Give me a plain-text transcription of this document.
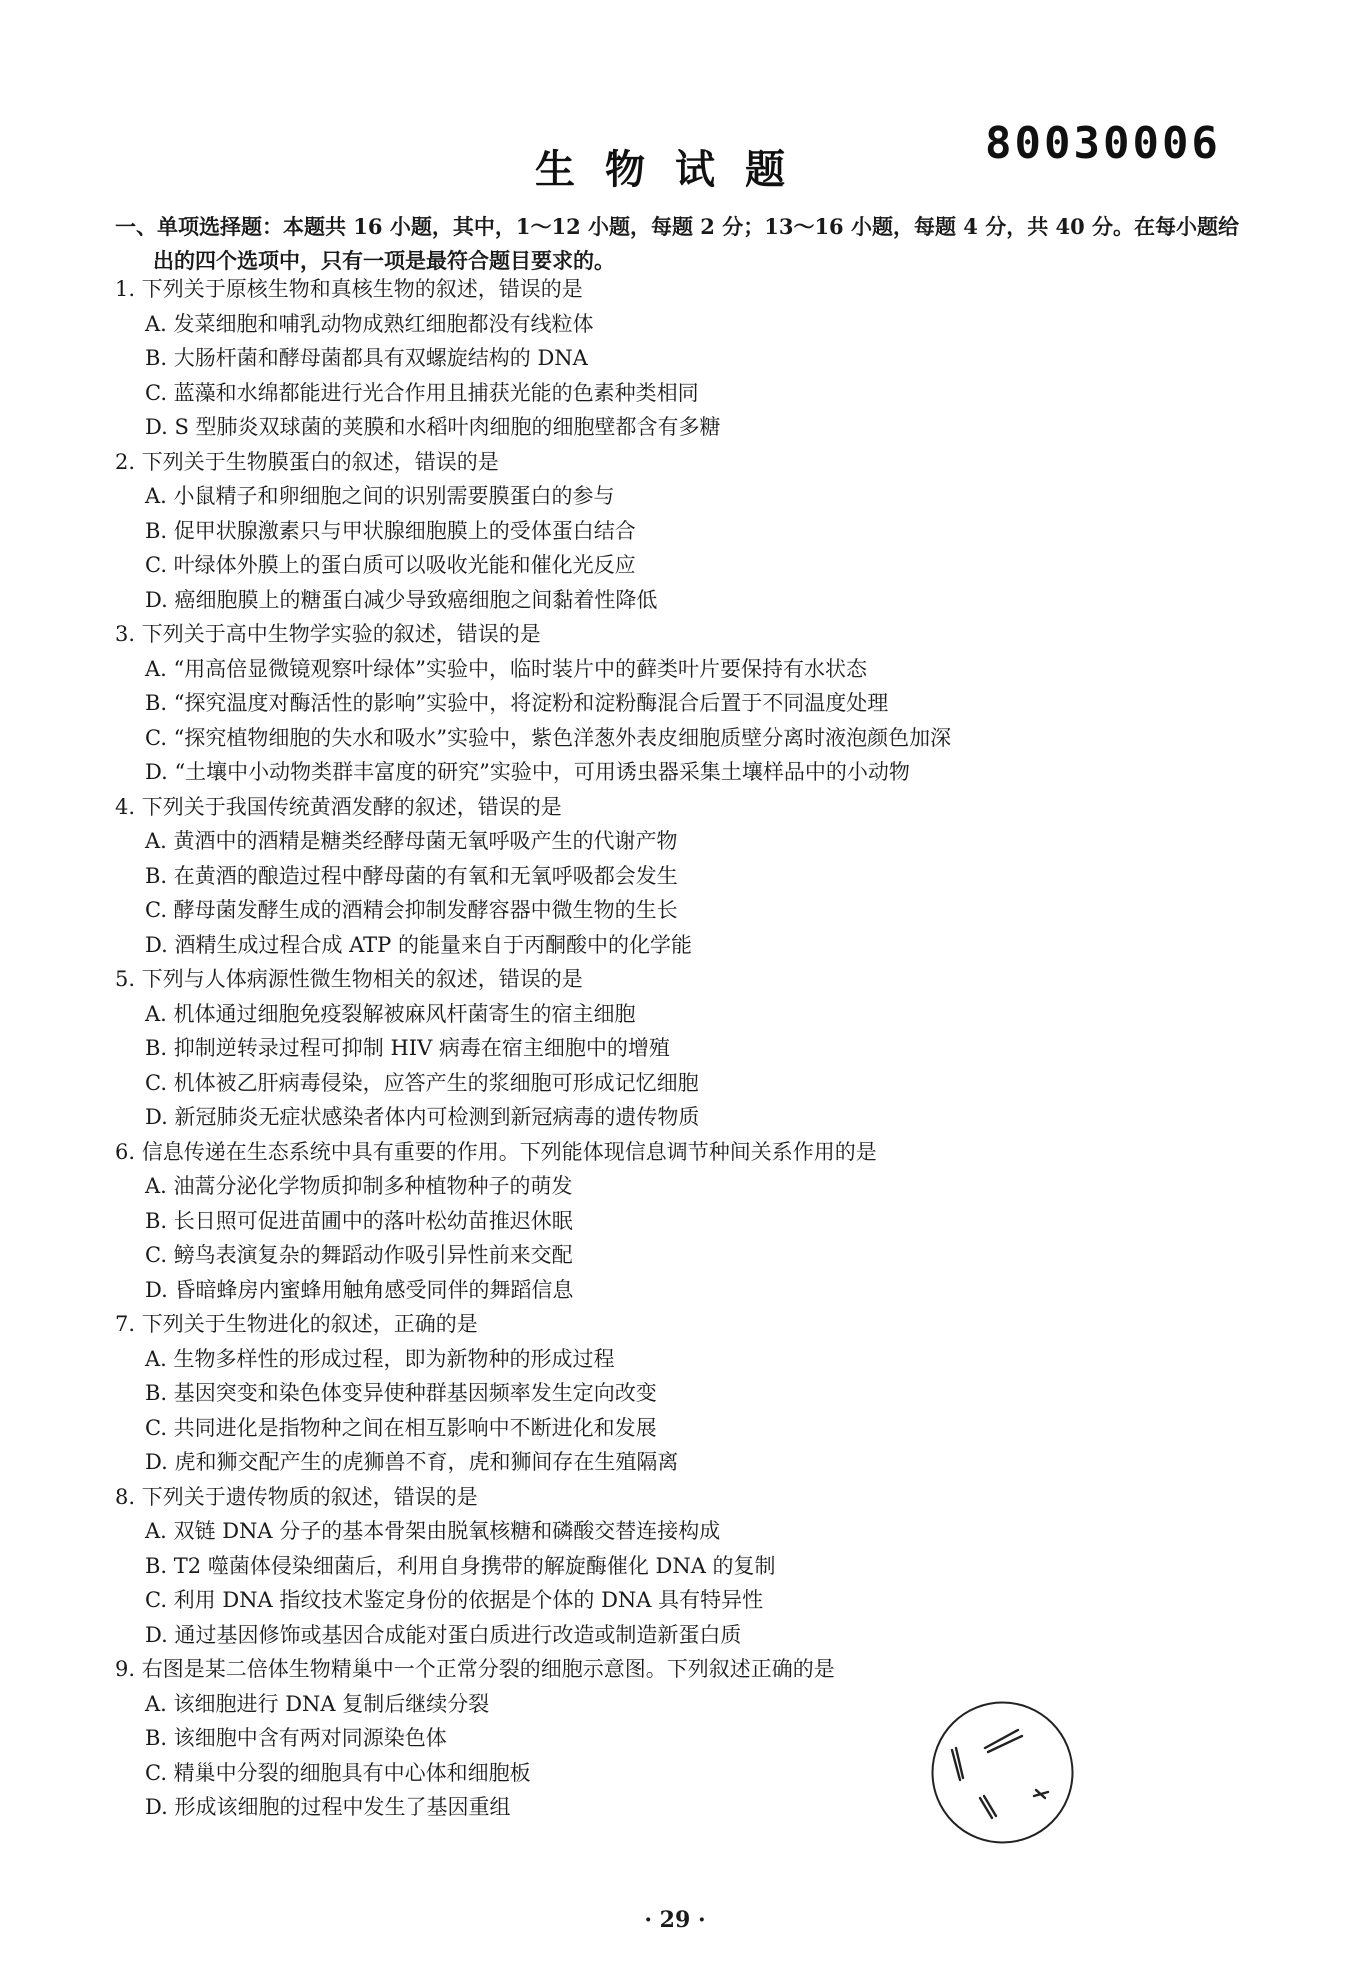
80030006
生物试题
一、单项选择题：本题共 16 小题，其中，1～12 小题，每题 2 分；13～16 小题，每题 4 分，共 40 分。在每小题给
出的四个选项中，只有一项是最符合题目要求的。
1. 下列关于原核生物和真核生物的叙述，错误的是
A. 发菜细胞和哺乳动物成熟红细胞都没有线粒体
B. 大肠杆菌和酵母菌都具有双螺旋结构的 DNA
C. 蓝藻和水绵都能进行光合作用且捕获光能的色素种类相同
D. S 型肺炎双球菌的荚膜和水稻叶肉细胞的细胞壁都含有多糖
2. 下列关于生物膜蛋白的叙述，错误的是
A. 小鼠精子和卵细胞之间的识别需要膜蛋白的参与
B. 促甲状腺激素只与甲状腺细胞膜上的受体蛋白结合
C. 叶绿体外膜上的蛋白质可以吸收光能和催化光反应
D. 癌细胞膜上的糖蛋白减少导致癌细胞之间黏着性降低
3. 下列关于高中生物学实验的叙述，错误的是
A. “用高倍显微镜观察叶绿体”实验中，临时装片中的藓类叶片要保持有水状态
B. “探究温度对酶活性的影响”实验中，将淀粉和淀粉酶混合后置于不同温度处理
C. “探究植物细胞的失水和吸水”实验中，紫色洋葱外表皮细胞质壁分离时液泡颜色加深
D. “土壤中小动物类群丰富度的研究”实验中，可用诱虫器采集土壤样品中的小动物
4. 下列关于我国传统黄酒发酵的叙述，错误的是
A. 黄酒中的酒精是糖类经酵母菌无氧呼吸产生的代谢产物
B. 在黄酒的酿造过程中酵母菌的有氧和无氧呼吸都会发生
C. 酵母菌发酵生成的酒精会抑制发酵容器中微生物的生长
D. 酒精生成过程合成 ATP 的能量来自于丙酮酸中的化学能
5. 下列与人体病源性微生物相关的叙述，错误的是
A. 机体通过细胞免疫裂解被麻风杆菌寄生的宿主细胞
B. 抑制逆转录过程可抑制 HIV 病毒在宿主细胞中的增殖
C. 机体被乙肝病毒侵染，应答产生的浆细胞可形成记忆细胞
D. 新冠肺炎无症状感染者体内可检测到新冠病毒的遗传物质
6. 信息传递在生态系统中具有重要的作用。下列能体现信息调节种间关系作用的是
A. 油蒿分泌化学物质抑制多种植物种子的萌发
B. 长日照可促进苗圃中的落叶松幼苗推迟休眠
C. 鳑鸟表演复杂的舞蹈动作吸引异性前来交配
D. 昏暗蜂房内蜜蜂用触角感受同伴的舞蹈信息
7. 下列关于生物进化的叙述，正确的是
A. 生物多样性的形成过程，即为新物种的形成过程
B. 基因突变和染色体变异使种群基因频率发生定向改变
C. 共同进化是指物种之间在相互影响中不断进化和发展
D. 虎和狮交配产生的虎狮兽不育，虎和狮间存在生殖隔离
8. 下列关于遗传物质的叙述，错误的是
A. 双链 DNA 分子的基本骨架由脱氧核糖和磷酸交替连接构成
B. T2 噬菌体侵染细菌后，利用自身携带的解旋酶催化 DNA 的复制
C. 利用 DNA 指纹技术鉴定身份的依据是个体的 DNA 具有特异性
D. 通过基因修饰或基因合成能对蛋白质进行改造或制造新蛋白质
9. 右图是某二倍体生物精巢中一个正常分裂的细胞示意图。下列叙述正确的是
A. 该细胞进行 DNA 复制后继续分裂
B. 该细胞中含有两对同源染色体
C. 精巢中分裂的细胞具有中心体和细胞板
D. 形成该细胞的过程中发生了基因重组
· 29 ·
